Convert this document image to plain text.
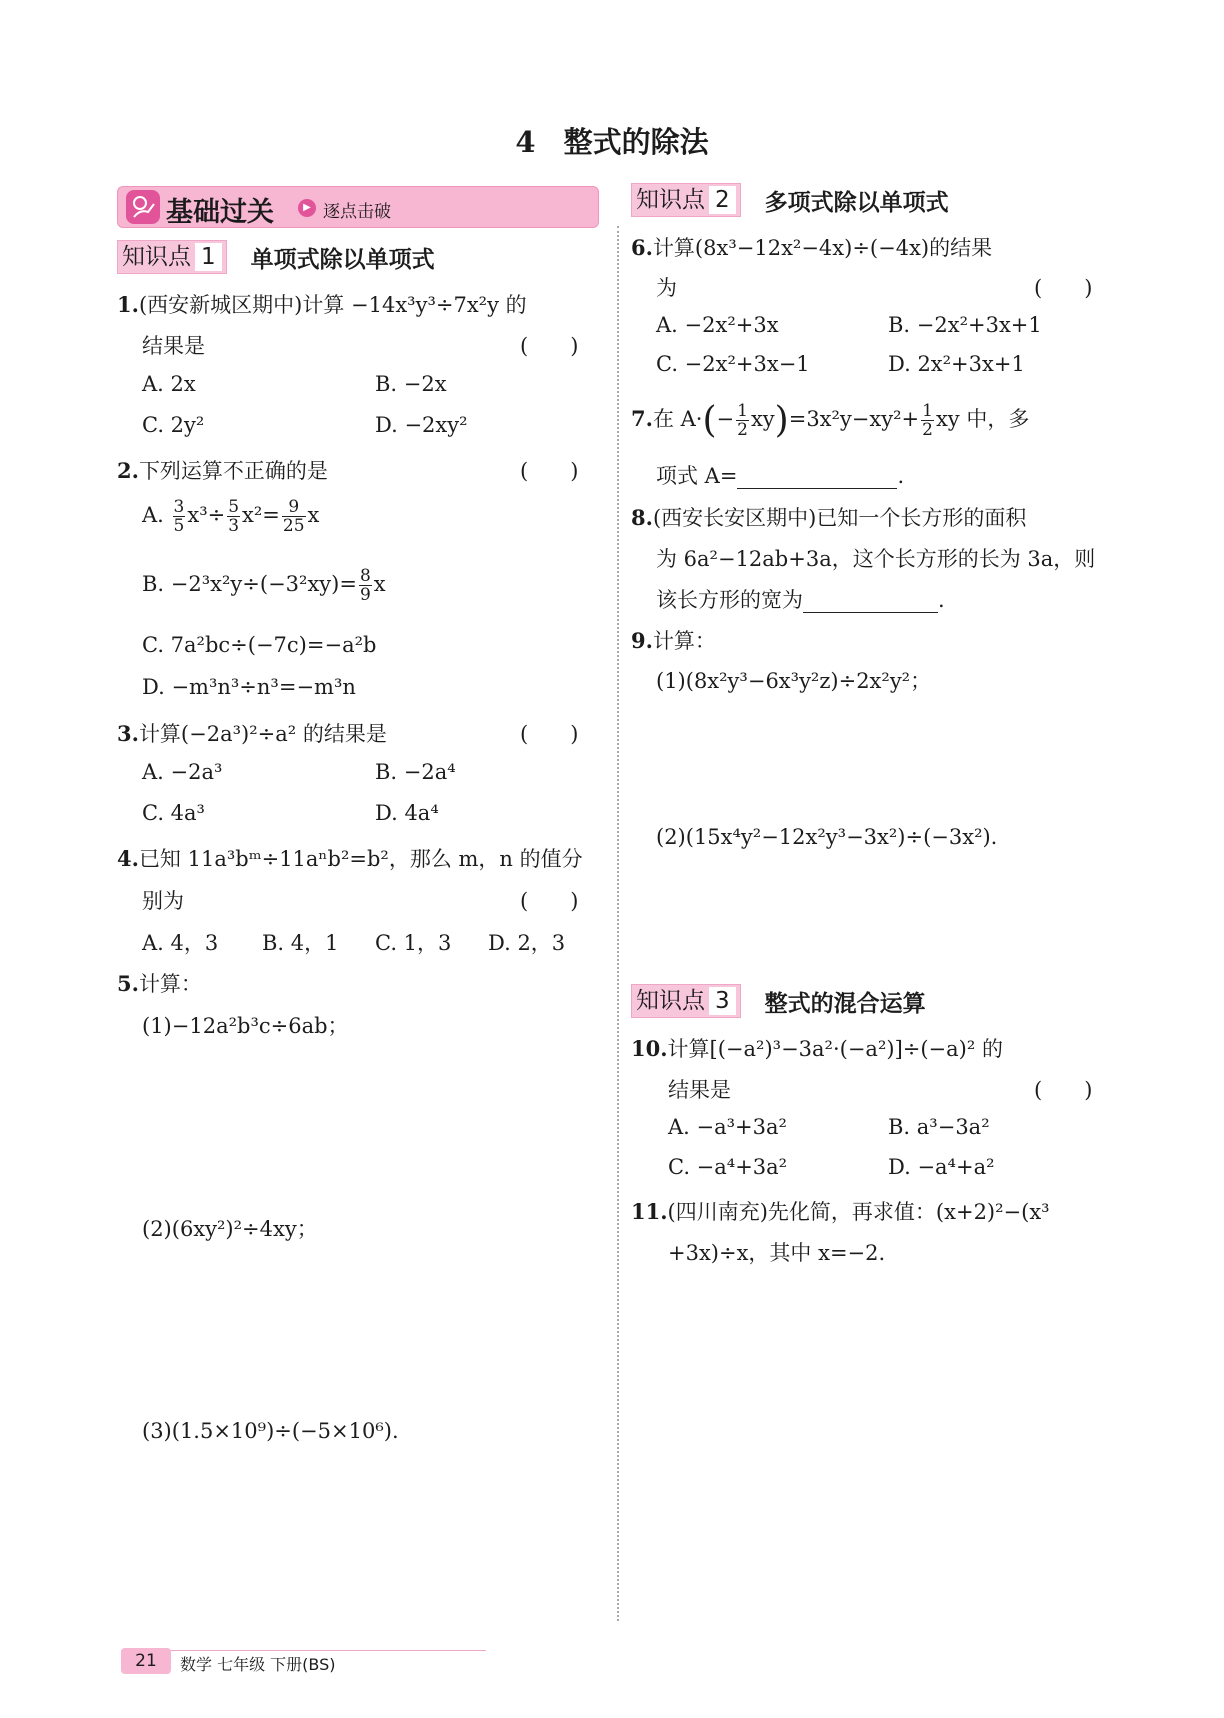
4 整式的除法
基础过关	▶ 逐点击破
知识点 1 单项式除以单项式
1.(西安新城区期中)计算 −14x³y³÷7x²y 的
结果是	(　　)
A. 2x	B. −2x
C. 2y²	D. −2xy²
2.下列运算不正确的是	(　　)
A. $\frac{3}{5} x^3\div \frac{5}{3} x^2= \frac{9}{25}$ x
B. $-2^3x^2y\div(-3^2xy)= \frac{8}{9}$ x
C. 7a²bc÷(−7c)=−a²b
D. −m³n³÷n³=−m³n
3.计算(−2a³)²÷a² 的结果是	(　　)
A. −2a³	B. −2a⁴
C. 4a³	D. 4a⁴
4.已知 11a³bᵐ÷11aⁿb²=b²，那么 m，n 的值分
别为	(　　)
A. 4，3 B. 4，1 C. 1，3 D. 2，3
5.计算：
(1)−12a²b³c÷6ab；
(2)(6xy²)²÷4xy；
(3)(1.5×10⁹)÷(−5×10⁶).
知识点 2 多项式除以单项式
6.计算(8x³−12x²−4x)÷(−4x)的结果
为	(　　)
A. −2x²+3x	B. −2x²+3x+1
C. −2x²+3x−1	D. 2x²+3x+1
7.在 $A\cdot(- \frac{1}{2} xy)=3x^2y-xy^2+ \frac{1}{2}$ xy 中，多
项式 A=	.
8.(西安长安区期中)已知一个长方形的面积
为 6a²−12ab+3a，这个长方形的长为 3a，则
该长方形的宽为	.
9.计算：
(1)(8x²y³−6x³y²z)÷2x²y²；
(2)(15x⁴y²−12x²y³−3x²)÷(−3x²).
知识点 3 整式的混合运算
10.计算[(−a²)³−3a²·(−a²)]÷(−a)² 的
结果是	(　　)
A. −a³+3a²	B. a³−3a²
C. −a⁴+3a²	D. −a⁴+a²
11.(四川南充)先化简，再求值：(x+2)²−(x³
+3x)÷x，其中 x=−2.
21	数学 七年级 下册(BS)
